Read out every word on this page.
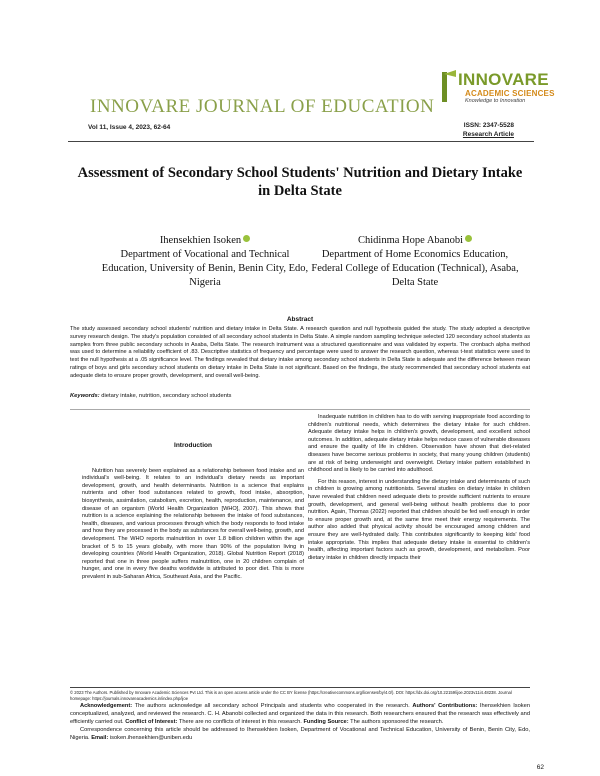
INNOVARE
ACADEMIC SCIENCES
Knowledge to Innovation
INNOVARE JOURNAL OF EDUCATION
Vol 11, Issue 4, 2023, 62-64	ISSN: 2347-5528
Research Article
Assessment of Secondary School Students' Nutrition and Dietary Intake in Delta State
Ihensekhien Isoken
Department of Vocational and Technical Education, University of Benin, Benin City, Edo, Nigeria
Chidinma Hope Abanobi
Department of Home Economics Education, Federal College of Education (Technical), Asaba, Delta State
Abstract

The study assessed secondary school students' nutrition and dietary intake in Delta State. A research question and null hypothesis guided the study. The study adopted a descriptive survey research design. The study's population consisted of all secondary school students in Delta State. A simple random sampling technique selected 120 secondary school students as samples from three public secondary schools in Asaba, Delta State. The research instrument was a structured questionnaire and was validated by experts. The cronbach alpha method was used to determine a reliability coefficient of .83. Descriptive statistics of frequency and percentage were used to answer the research question, whereas t-test statistics were used to test the null hypothesis at a .05 significance level. The findings revealed that dietary intake among secondary school students in Delta State is adequate and the difference between mean ratings of boys and girls secondary school students on dietary intake in Delta State is not significant. Based on the findings, the study recommended that secondary school students eat adequate diets to ensure proper growth, development, and overall well-being.

Keywords: dietary intake, nutrition, secondary school students
Introduction

Nutrition has severely been explained as a relationship between food intake and an individual's well-being. It relates to an individual's dietary needs as important development, growth, and health determinants. Nutrition is a science that explains nutrients and other food substances related to growth, food intake, absorption, biosynthesis, assimilation, catabolism, excretion, health, reproduction, maintenance, and disease of an organism (World Health Organization [WHO], 2007). This shows that nutrition is a science explaining the relationship between the intake of food substances, health, diseases, and various processes through which the body responds to food intake and how they are processed in the body as substances for overall well-being, growth, and development. The WHO reports malnutrition in over 1.8 billion children within the age bracket of 5 to 15 years globally, with more than 90% of the population living in developing countries (World Health Organization, 2018). Global Nutrition Report (2018) reported that one in three people suffers malnutrition, one in 20 children complain of hunger, and one in every five deaths worldwide is attributed to poor diet. This is more prevalent in sub-Saharan Africa, Southeast Asia, and the Pacific.

Inadequate nutrition in children has to do with serving inappropriate food according to children's nutritional needs, which determines the dietary intake for such children. Adequate dietary intake helps in children's growth, development, and excellent school outcomes. In addition, adequate dietary intake helps reduce cases of vulnerable diseases and ensure the quality of life in children. Observation have shown that diet-related diseases have become serious problems in society, that many young children (students) are at risk of being underweight and overweight. Dietary intake pattern established in childhood and is likely to be carried into adulthood.

For this reason, interest in understanding the dietary intake and determinants of such in children is growing among nutritionists. Several studies on dietary intake in children have revealed that children need adequate diets to provide sufficient nutrients to ensure growth, development, and general well-being without health problems due to poor nutrition. Again, Thomas (2022) reported that children should be fed well enough in order to ensure proper growth and, at the same time meet their energy requirements. The author also added that physical activity should be encouraged among children and ensure they are well-hydrated daily. This contributes significantly to keeping kids' food intake appropriate. This implies that adequate dietary intake is essential to children's health, affecting important factors such as growth, development, and metabolism. Poor dietary intake in children directly impacts their

© 2023 The Authors. Published by Innovare Academic Sciences Pvt Ltd. This is an open access article under the CC BY license (https://creativecommons.org/licenses/by/4.0/). DOI: https://dx.doi.org/10.22159/ijoe.2023v11i4.48238. Journal homepage: https://journals.innovareacademics.in/index.php/ijoe

Acknowledgement: The authors acknowledge all secondary school Principals and students who cooperated in the research. Authors' Contributions: Ihensekhien Isoken conceptualized, analyzed, and reviewed the research. C. H. Abanobi collected and organized the data in this research. Both researchers ensured that the research was effectively and efficiently carried out. Conflict of Interest: There are no conflicts of interest in this research. Funding Source: The authors sponsored the research.

Correspondence concerning this article should be addressed to Ihensekhien Isoken, Department of Vocational and Technical Education, University of Benin, Benin City, Edo, Nigeria. Email: isoken.ihensekhien@uniben.edu

62
